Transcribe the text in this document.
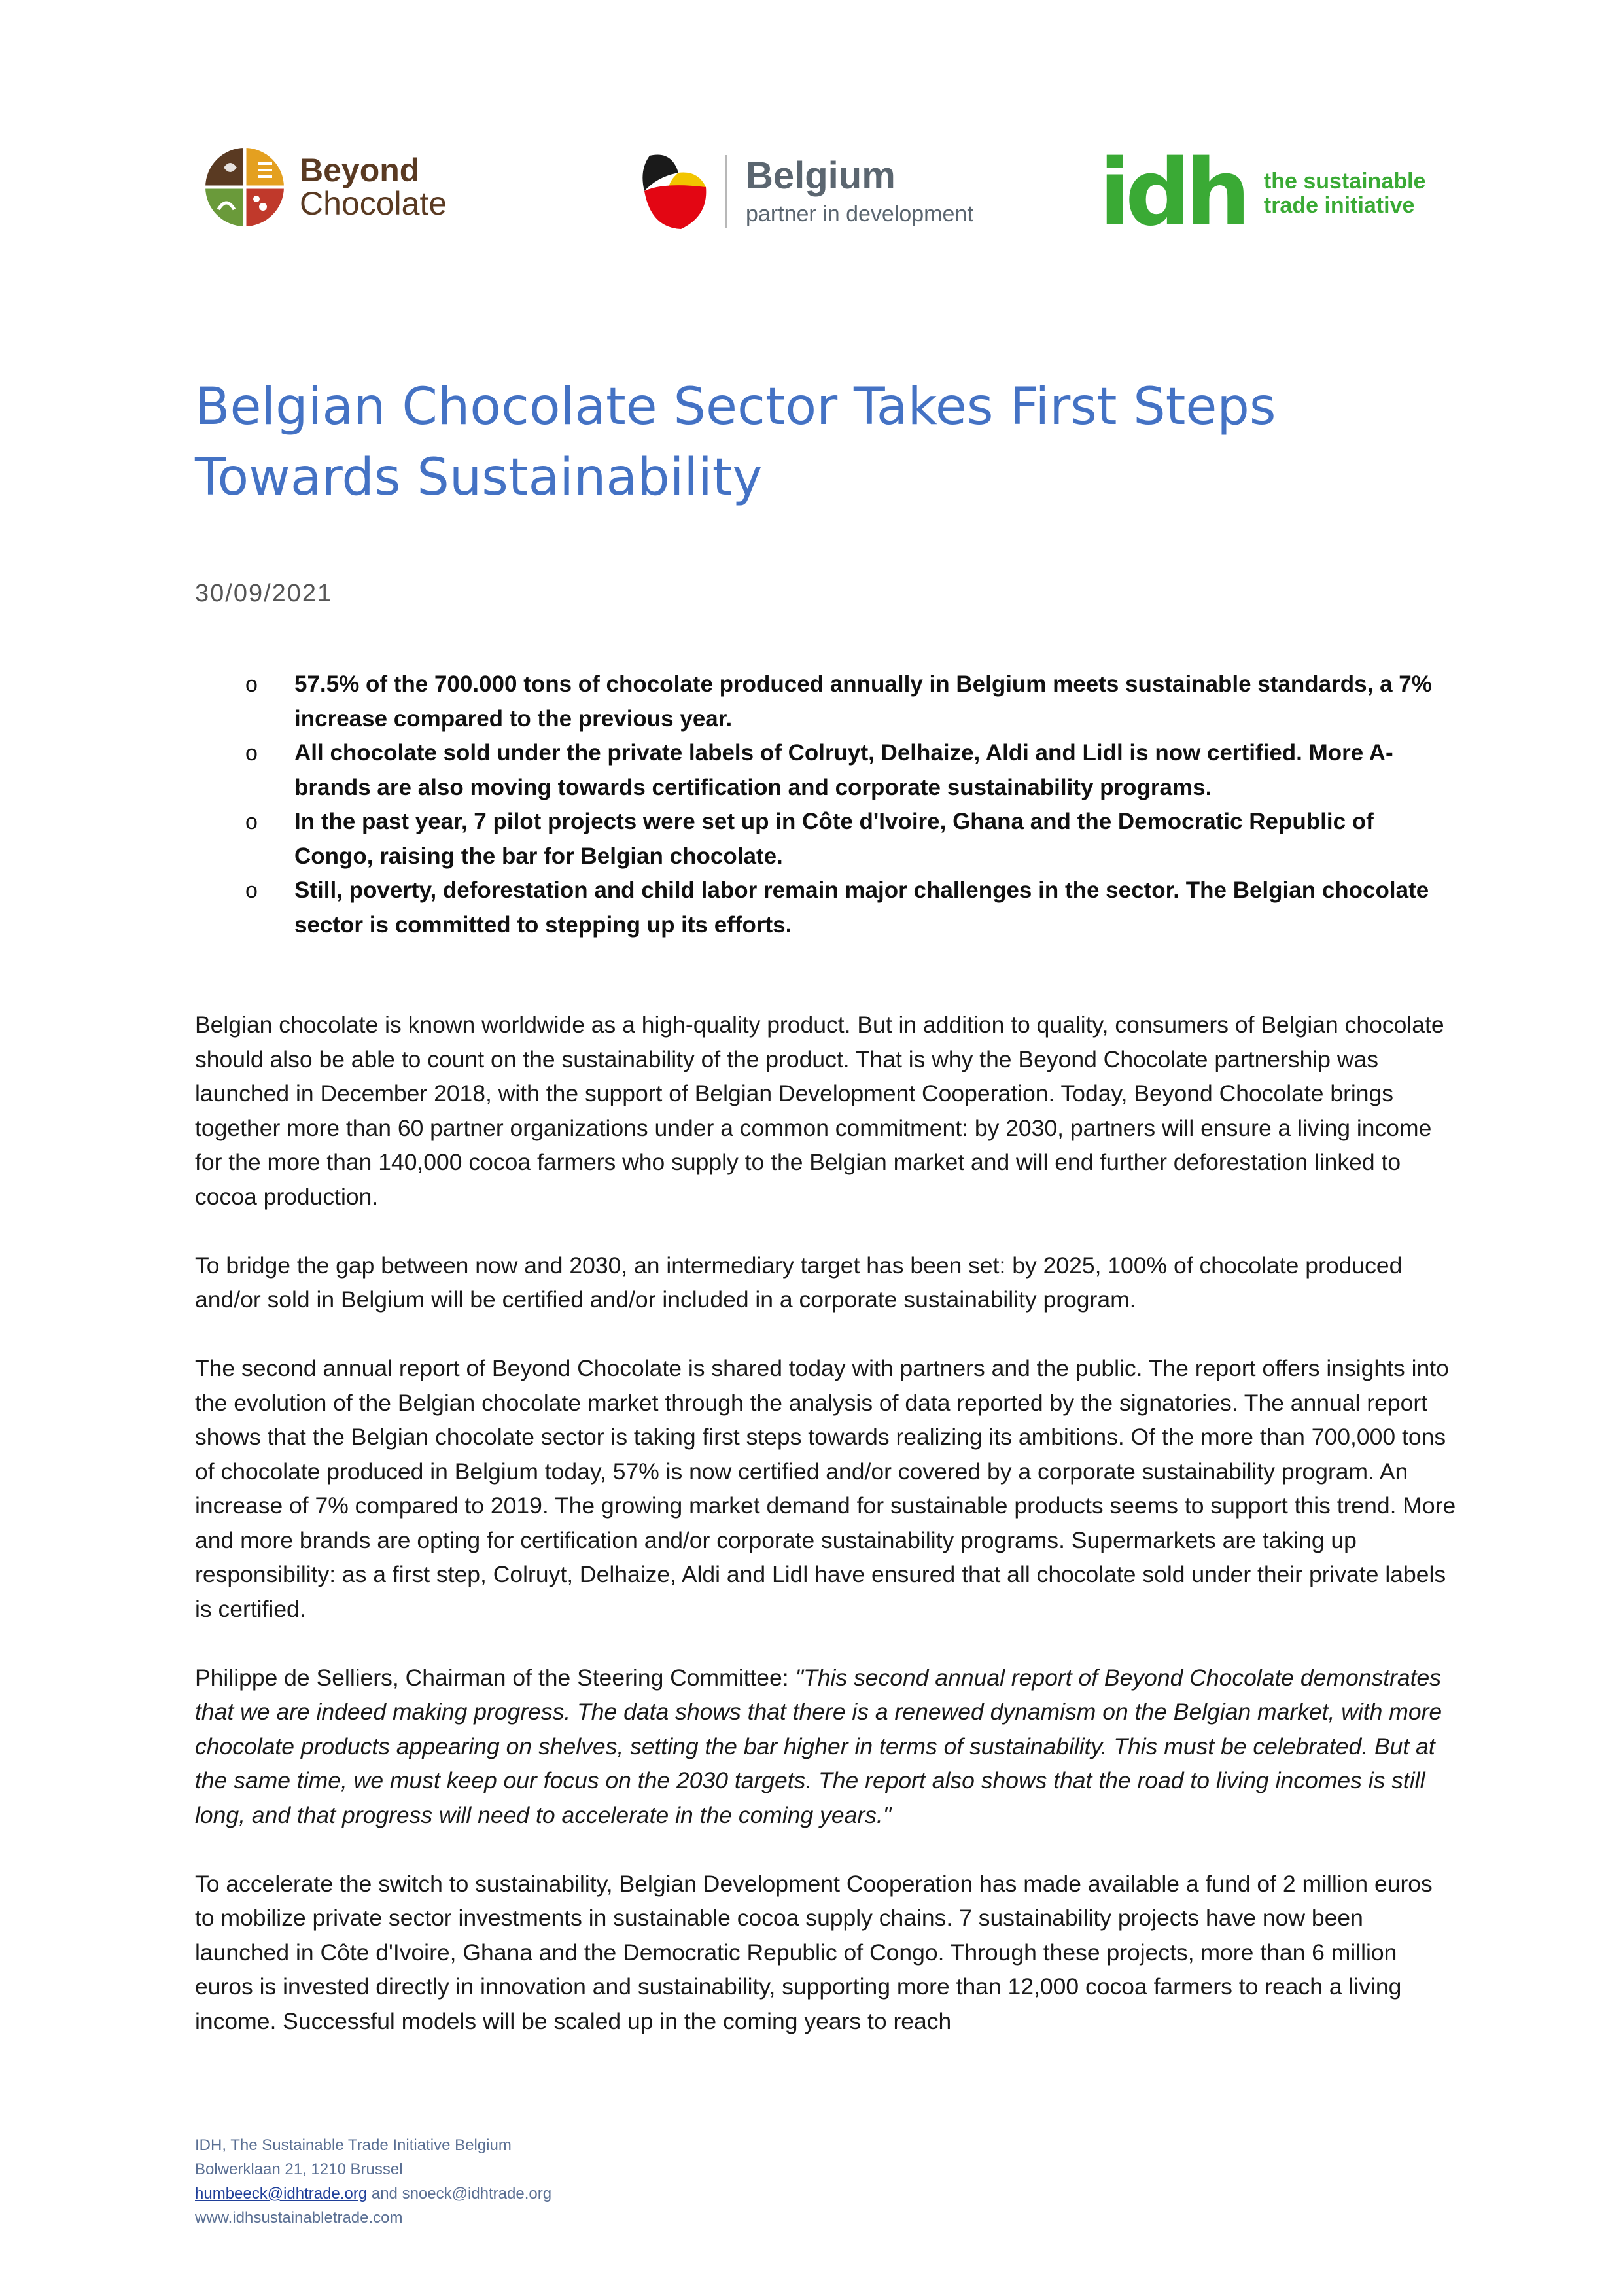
Beyond
Chocolate
Belgium
partner in development idh the sustainable
trade initiative
Belgian Chocolate Sector Takes First Steps
Towards Sustainability
30/09/2021
o 57.5% of the 700.000 tons of chocolate produced annually in Belgium meets sustainable standards, a 7% increase compared to the previous year.
o All chocolate sold under the private labels of Colruyt, Delhaize, Aldi and Lidl is now certified. More A-brands are also moving towards certification and corporate sustainability programs.
o In the past year, 7 pilot projects were set up in Côte d'Ivoire, Ghana and the Democratic Republic of Congo, raising the bar for Belgian chocolate.
o Still, poverty, deforestation and child labor remain major challenges in the sector. The Belgian chocolate sector is committed to stepping up its efforts.

Belgian chocolate is known worldwide as a high-quality product. But in addition to quality, consumers of Belgian chocolate should also be able to count on the sustainability of the product. That is why the Beyond Chocolate partnership was launched in December 2018, with the support of Belgian Development Cooperation. Today, Beyond Chocolate brings together more than 60 partner organizations under a common commitment: by 2030, partners will ensure a living income for the more than 140,000 cocoa farmers who supply to the Belgian market and will end further deforestation linked to cocoa production.

To bridge the gap between now and 2030, an intermediary target has been set: by 2025, 100% of chocolate produced and/or sold in Belgium will be certified and/or included in a corporate sustainability program.

The second annual report of Beyond Chocolate is shared today with partners and the public. The report offers insights into the evolution of the Belgian chocolate market through the analysis of data reported by the signatories. The annual report shows that the Belgian chocolate sector is taking first steps towards realizing its ambitions. Of the more than 700,000 tons of chocolate produced in Belgium today, 57% is now certified and/or covered by a corporate sustainability program. An increase of 7% compared to 2019. The growing market demand for sustainable products seems to support this trend. More and more brands are opting for certification and/or corporate sustainability programs. Supermarkets are taking up responsibility: as a first step, Colruyt, Delhaize, Aldi and Lidl have ensured that all chocolate sold under their private labels is certified.

Philippe de Selliers, Chairman of the Steering Committee: "This second annual report of Beyond Chocolate demonstrates that we are indeed making progress. The data shows that there is a renewed dynamism on the Belgian market, with more chocolate products appearing on shelves, setting the bar higher in terms of sustainability. This must be celebrated. But at the same time, we must keep our focus on the 2030 targets. The report also shows that the road to living incomes is still long, and that progress will need to accelerate in the coming years."

To accelerate the switch to sustainability, Belgian Development Cooperation has made available a fund of 2 million euros to mobilize private sector investments in sustainable cocoa supply chains. 7 sustainability projects have now been launched in Côte d'Ivoire, Ghana and the Democratic Republic of Congo. Through these projects, more than 6 million euros is invested directly in innovation and sustainability, supporting more than 12,000 cocoa farmers to reach a living income. Successful models will be scaled up in the coming years to reach

IDH, The Sustainable Trade Initiative Belgium
Bolwerklaan 21, 1210 Brussel
humbeeck@idhtrade.org and snoeck@idhtrade.org
www.idhsustainabletrade.com
